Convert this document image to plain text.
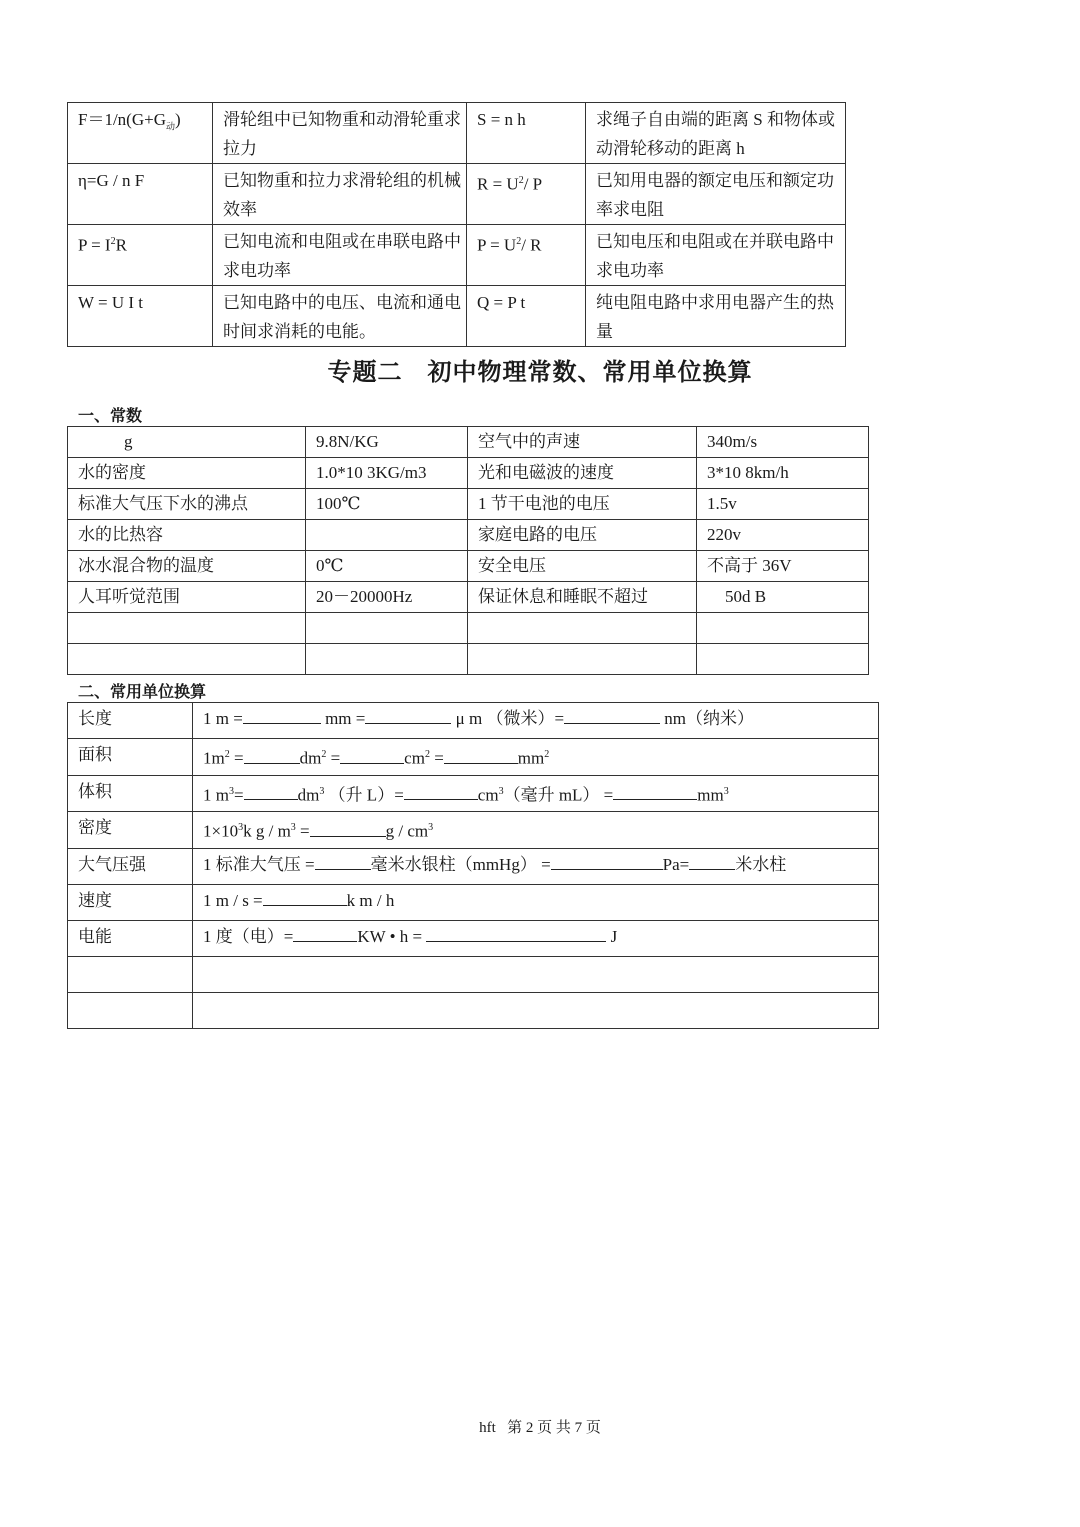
$F=1/n(G+G_动)$	滑轮组中已知物重和动滑轮重求拉力	S = n h	求绳子自由端的距离 S 和物体或动滑轮移动的距离 h
η=G / n F	已知物重和拉力求滑轮组的机械效率	$R = U^2/$ P	已知用电器的额定电压和额定功率求电阻
$P = I^2R$	已知电流和电阻或在串联电路中求电功率	$P = U^2/$ R	已知电压和电阻或在并联电路中求电功率
W = U I t	已知电路中的电压、电流和通电时间求消耗的电能。	Q = P t	纯电阻电路中求用电器产生的热量
专题二　初中物理常数、常用单位换算
一、常数
g	9.8N/KG	空气中的声速	340m/s
水的密度	1.0*10 3KG/m3	光和电磁波的速度	3*10 8km/h
标准大气压下水的沸点	100℃	1 节干电池的电压	1.5v
水的比热容		家庭电路的电压	220v
冰水混合物的温度	0℃	安全电压	不高于 36V
人耳听觉范围	20－20000Hz	保证休息和睡眠不超过	50d B

二、常用单位换算
长度	1 m = mm = μ m （微米）= nm（纳米）
面积	$1m^2 = dm^2 = cm^2 = mm^2$
体积	1 $m^3= dm^3$ （升 $L)= cm^3$（毫升 $mL) = mm^3$
密度	$1\times 10^3k$ $g / m^3 = g / cm^3$
大气压强	1 标准大气压 = 毫米水银柱（mmHg） = Pa= 米水柱
速度	1 m / s = k m / h
电能	1 度（电）= KW • h = J

hft 第 2 页 共 7 页
